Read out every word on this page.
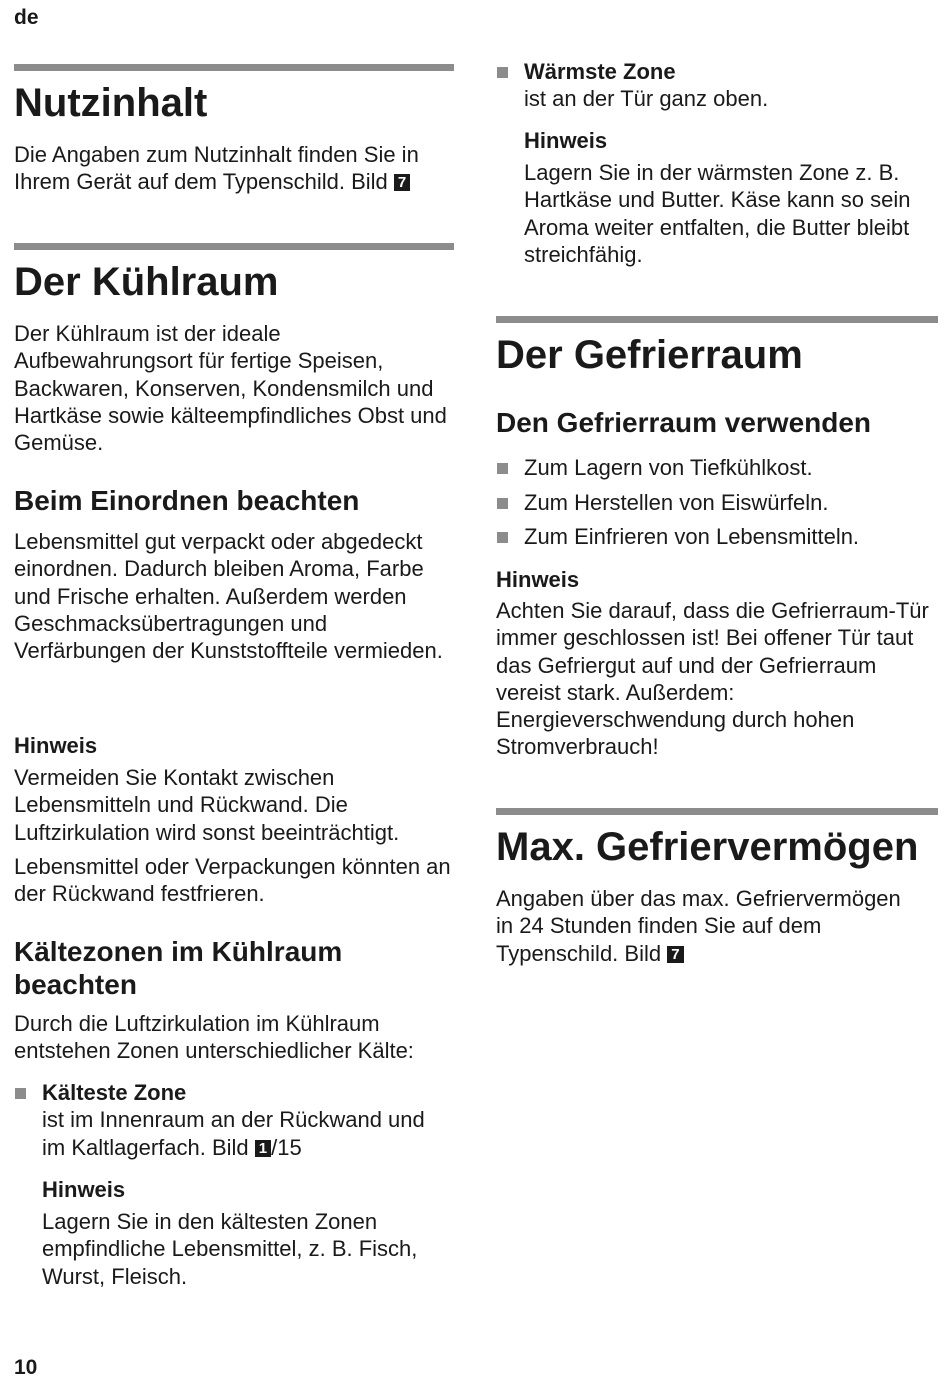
de
Nutzinhalt

Die Angaben zum Nutzinhalt finden Sie in Ihrem Gerät auf dem Typenschild. Bild 7

Der Kühlraum

Der Kühlraum ist der ideale Aufbewahrungsort für fertige Speisen, Backwaren, Konserven, Kondensmilch und Hartkäse sowie kälteempfindliches Obst und Gemüse.

Beim Einordnen beachten

Lebensmittel gut verpackt oder abgedeckt einordnen. Dadurch bleiben Aroma, Farbe und Frische erhalten. Außerdem werden Geschmacksübertragungen und Verfärbungen der Kunststoffteile vermieden.

Hinweis

Vermeiden Sie Kontakt zwischen Lebensmitteln und Rückwand. Die Luftzirkulation wird sonst beeinträchtigt.

Lebensmittel oder Verpackungen könnten an der Rückwand festfrieren.

Kältezonen im Kühlraum beachten

Durch die Luftzirkulation im Kühlraum entstehen Zonen unterschiedlicher Kälte:

Kälteste Zone
ist im Innenraum an der Rückwand und im Kaltlagerfach. Bild 1 /15
Hinweis

Lagern Sie in den kältesten Zonen empfindliche Lebensmittel, z. B. Fisch, Wurst, Fleisch.

Wärmste Zone
ist an der Tür ganz oben.
Hinweis

Lagern Sie in der wärmsten Zone z. B. Hartkäse und Butter. Käse kann so sein Aroma weiter entfalten, die Butter bleibt streichfähig.

Der Gefrierraum
Den Gefrierraum verwenden
Zum Lagern von Tiefkühlkost.
Zum Herstellen von Eiswürfeln.
Zum Einfrieren von Lebensmitteln.
Hinweis

Achten Sie darauf, dass die Gefrierraum-Tür immer geschlossen ist! Bei offener Tür taut das Gefriergut auf und der Gefrierraum vereist stark. Außerdem: Energieverschwendung durch hohen Stromverbrauch!

Max. Gefriervermögen

Angaben über das max. Gefriervermögen in 24 Stunden finden Sie auf dem Typenschild. Bild 7

10
